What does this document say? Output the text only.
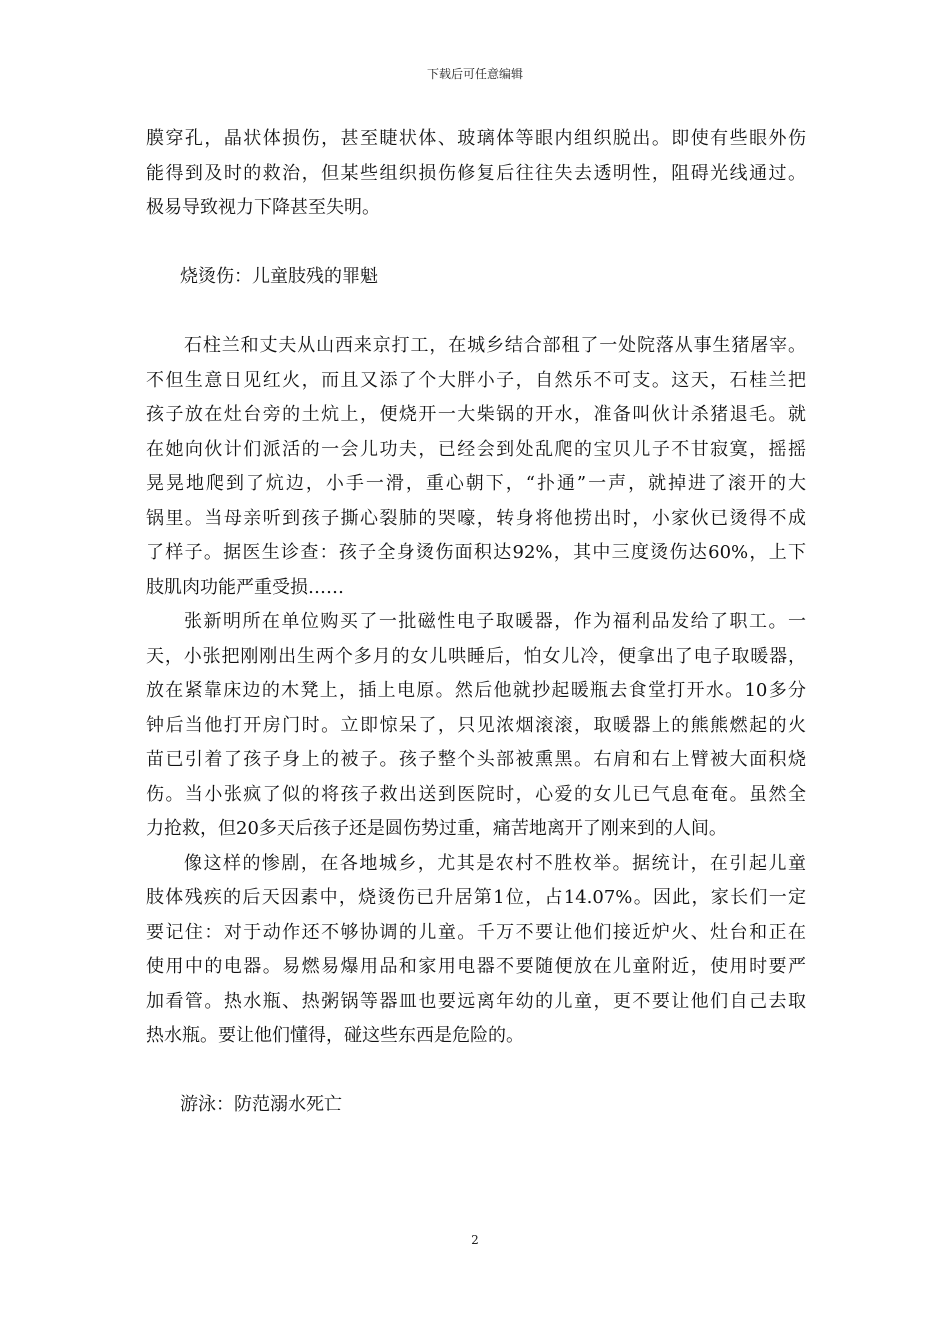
下载后可任意编辑
膜穿孔，晶状体损伤，甚至睫状体、玻璃体等眼内组织脱出。即使有些眼外伤
能得到及时的救治，但某些组织损伤修复后往往失去透明性，阻碍光线通过。
极易导致视力下降甚至失明。
烧烫伤：儿童肢残的罪魁
石柱兰和丈夫从山西来京打工，在城乡结合部租了一处院落从事生猪屠宰。
不但生意日见红火，而且又添了个大胖小子，自然乐不可支。这天，石桂兰把
孩子放在灶台旁的土炕上，便烧开一大柴锅的开水，准备叫伙计杀猪退毛。就
在她向伙计们派活的一会儿功夫，已经会到处乱爬的宝贝儿子不甘寂寞，摇摇
晃晃地爬到了炕边，小手一滑，重心朝下，“扑通”一声，就掉进了滚开的大
锅里。当母亲听到孩子撕心裂肺的哭嚎，转身将他捞出时，小家伙已烫得不成
了样子。据医生诊查：孩子全身烫伤面积达92%，其中三度烫伤达60%，上下
肢肌肉功能严重受损……
张新明所在单位购买了一批磁性电子取暖器，作为福利品发给了职工。一
天，小张把刚刚出生两个多月的女儿哄睡后，怕女儿冷，便拿出了电子取暖器，
放在紧靠床边的木凳上，插上电原。然后他就抄起暖瓶去食堂打开水。10多分
钟后当他打开房门时。立即惊呆了，只见浓烟滚滚，取暖器上的熊熊燃起的火
苗已引着了孩子身上的被子。孩子整个头部被熏黑。右肩和右上臂被大面积烧
伤。当小张疯了似的将孩子救出送到医院时，心爱的女儿已气息奄奄。虽然全
力抢救，但20多天后孩子还是圆伤势过重，痛苦地离开了刚来到的人间。
像这样的惨剧，在各地城乡，尤其是农村不胜枚举。据统计，在引起儿童
肢体残疾的后天因素中，烧烫伤已升居第1位，占14.07%。因此，家长们一定
要记住：对于动作还不够协调的儿童。千万不要让他们接近炉火、灶台和正在
使用中的电器。易燃易爆用品和家用电器不要随便放在儿童附近，使用时要严
加看管。热水瓶、热粥锅等器皿也要远离年幼的儿童，更不要让他们自己去取
热水瓶。要让他们懂得，碰这些东西是危险的。
游泳：防范溺水死亡
2
